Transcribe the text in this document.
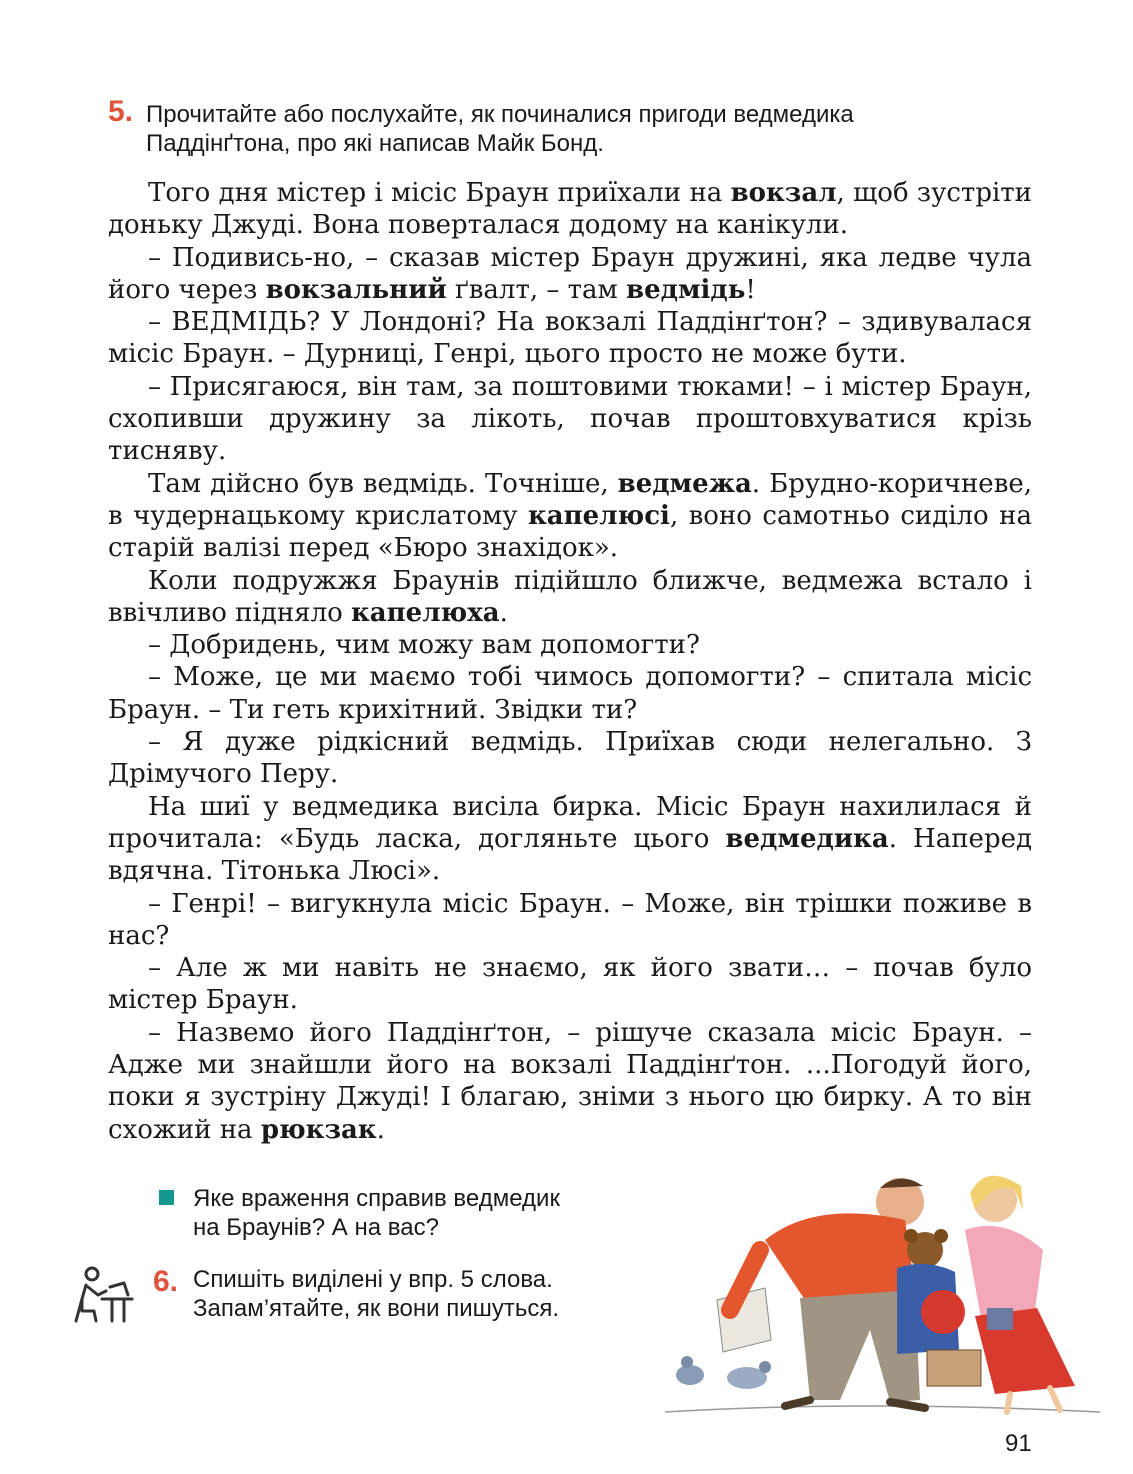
5. Прочитайте або послухайте, як починалися пригоди ведмедика
Паддінґтона, про які написав Майк Бонд.

Того дня містер і місіс Браун приїхали на вокзал, щоб зустріти доньку Джуді. Вона поверталася додому на канікули.

– Подивись-но, – сказав містер Браун дружині, яка ледве чула його через вокзальний ґвалт, – там ведмідь!

– ВЕДМІДЬ? У Лондоні? На вокзалі Паддінґтон? – здивувалася місіс Браун. – Дурниці, Генрі, цього просто не може бути.

– Присягаюся, він там, за поштовими тюками! – і містер Браун, схопивши дружину за лікоть, почав проштовхуватися крізь тисняву.

Там дійсно був ведмідь. Точніше, ведмежа. Брудно-коричневе, в чудернацькому крислатому капелюсі, воно самотньо сиділо на старій валізі перед «Бюро знахідок».

Коли подружжя Браунів підійшло ближче, ведмежа встало і ввічливо підняло капелюха.

– Добридень, чим можу вам допомогти?

– Може, це ми маємо тобі чимось допомогти? – спитала місіс Браун. – Ти геть крихітний. Звідки ти?

– Я дуже рідкісний ведмідь. Приїхав сюди нелегально. З Дрімучого Перу.

На шиї у ведмедика висіла бирка. Місіс Браун нахилилася й прочитала: «Будь ласка, догляньте цього ведмедика. Наперед вдячна. Тітонька Люсі».

– Генрі! – вигукнула місіс Браун. – Може, він трішки поживе в нас?

– Але ж ми навіть не знаємо, як його звати… – почав було містер Браун.

– Назвемо його Паддінґтон, – рішуче сказала місіс Браун. – Адже ми знайшли його на вокзалі Паддінґтон. ...Погодуй його, поки я зустріну Джуді! І благаю, зніми з нього цю бирку. А то він схожий на рюкзак.

Яке враження справив ведмедик
на Браунів? А на вас?
6. Спишіть виділені у впр. 5 слова.
Запам’ятайте, як вони пишуться.
91
